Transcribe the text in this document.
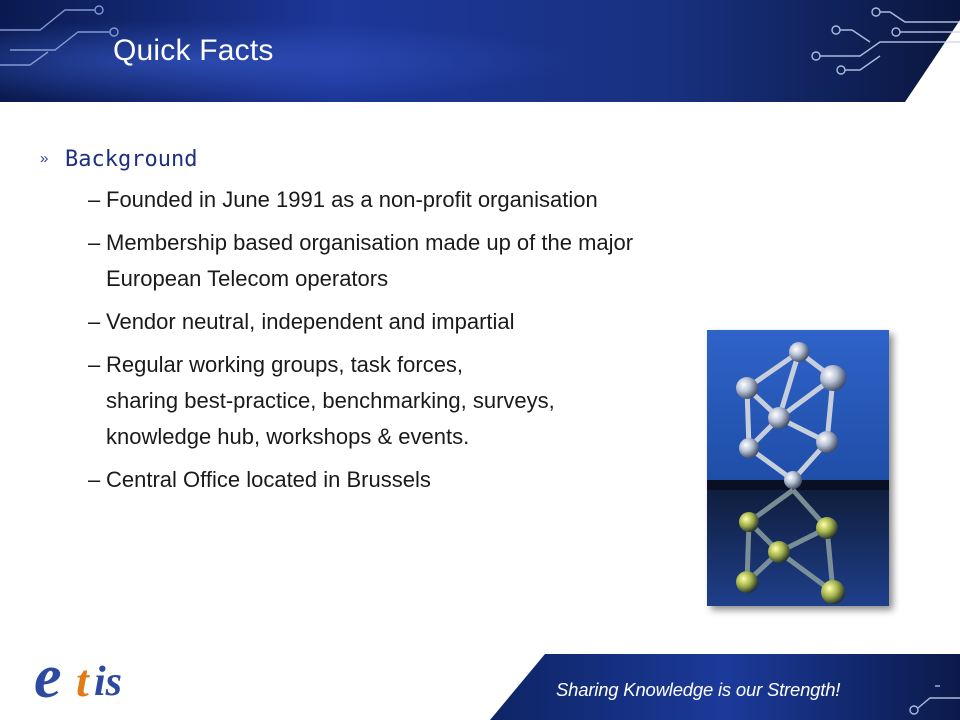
Quick Facts
» Background
– Founded in June 1991 as a non-profit organisation
– Membership based organisation made up of the major
European Telecom operators
– Vendor neutral, independent and impartial
– Regular working groups, task forces,
sharing best-practice, benchmarking, surveys,
knowledge hub, workshops & events.
– Central Office located in Brussels
Sharing Knowledge is our Strength!
e t is
